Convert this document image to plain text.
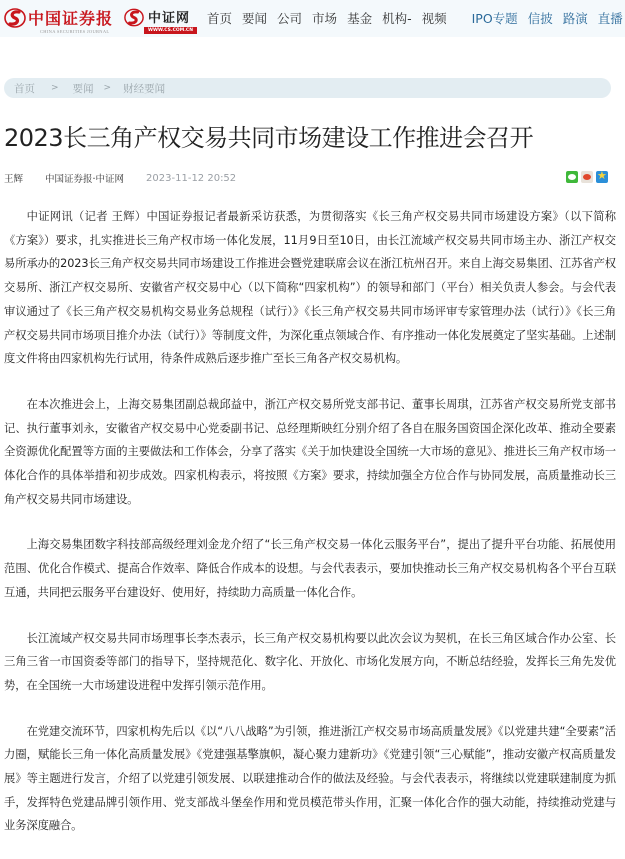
中国证券报
CHINA SECURITIES JOURNAL
中证网
WWW.CS.COM.CN
首页 要闻 公司 市场 基金 机构- 视频 IPO专题 信披 路演 直播
首页 > 要闻 > 财经要闻
2023长三角产权交易共同市场建设工作推进会召开
王辉 中国证券报·中证网 2023-11-12 20:52
★

中证网讯（记者 王辉）中国证券报记者最新采访获悉，为贯彻落实《长三角产权交易共同市场建设方案》（以下简称《方案》）要求，扎实推进长三角产权市场一体化发展，11月9日至10日，由长江流域产权交易共同市场主办、浙江产权交易所承办的2023长三角产权交易共同市场建设工作推进会暨党建联席会议在浙江杭州召开。来自上海交易集团、江苏省产权交易所、浙江产权交易所、安徽省产权交易中心（以下简称“四家机构”）的领导和部门（平台）相关负责人参会。与会代表审议通过了《长三角产权交易机构交易业务总规程（试行）》《长三角产权交易共同市场评审专家管理办法（试行）》《长三角产权交易共同市场项目推介办法（试行）》等制度文件，为深化重点领域合作、有序推动一体化发展奠定了坚实基础。上述制度文件将由四家机构先行试用，待条件成熟后逐步推广至长三角各产权交易机构。

在本次推进会上，上海交易集团副总裁邱益中，浙江产权交易所党支部书记、董事长周琪，江苏省产权交易所党支部书记、执行董事刘永，安徽省产权交易中心党委副书记、总经理斯映红分别介绍了各自在服务国资国企深化改革、推动全要素全资源优化配置等方面的主要做法和工作体会，分享了落实《关于加快建设全国统一大市场的意见》、推进长三角产权市场一体化合作的具体举措和初步成效。四家机构表示，将按照《方案》要求，持续加强全方位合作与协同发展，高质量推动长三角产权交易共同市场建设。

上海交易集团数字科技部高级经理刘金龙介绍了“长三角产权交易一体化云服务平台”，提出了提升平台功能、拓展使用范围、优化合作模式、提高合作效率、降低合作成本的设想。与会代表表示，要加快推动长三角产权交易机构各个平台互联互通，共同把云服务平台建设好、使用好，持续助力高质量一体化合作。

长江流域产权交易共同市场理事长李杰表示，长三角产权交易机构要以此次会议为契机，在长三角区域合作办公室、长三角三省一市国资委等部门的指导下，坚持规范化、数字化、开放化、市场化发展方向，不断总结经验，发挥长三角先发优势，在全国统一大市场建设进程中发挥引领示范作用。

在党建交流环节，四家机构先后以《以“八八战略”为引领，推进浙江产权交易市场高质量发展》《以党建共建“全要素”活力圈，赋能长三角一体化高质量发展》《党建强基擎旗帜，凝心聚力建新功》《党建引领“三心赋能”，推动安徽产权高质量发展》等主题进行发言，介绍了以党建引领发展、以联建推动合作的做法及经验。与会代表表示，将继续以党建联建制度为抓手，发挥特色党建品牌引领作用、党支部战斗堡垒作用和党员模范带头作用，汇聚一体化合作的强大动能，持续推动党建与业务深度融合。
